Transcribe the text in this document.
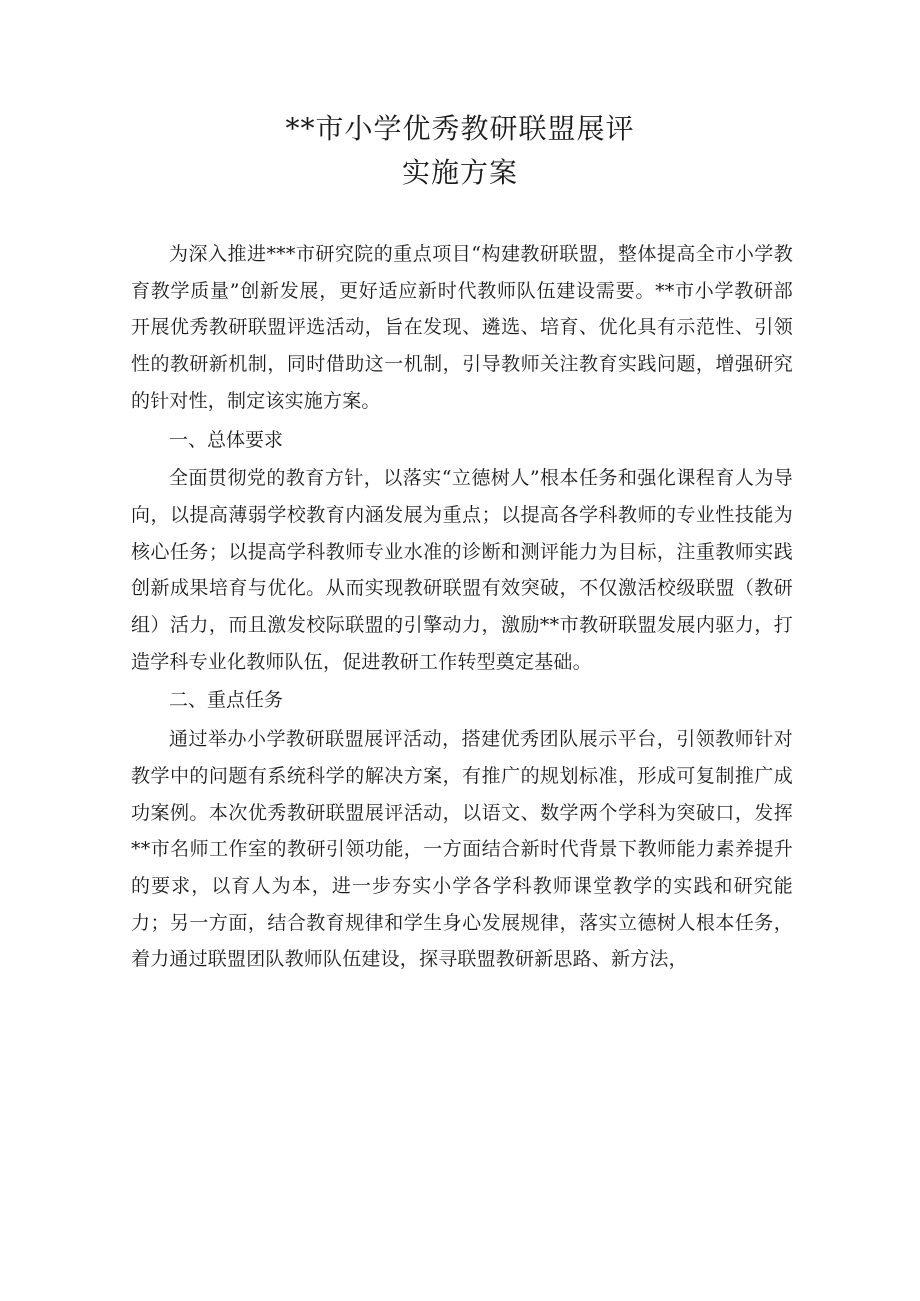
**市小学优秀教研联盟展评
实施方案

为深入推进***市研究院的重点项目“构建教研联盟，整体提高全市小学教育教学质量”创新发展，更好适应新时代教师队伍建设需要。**市小学教研部开展优秀教研联盟评选活动，旨在发现、遴选、培育、优化具有示范性、引领性的教研新机制，同时借助这一机制，引导教师关注教育实践问题，增强研究的针对性，制定该实施方案。

一、总体要求

全面贯彻党的教育方针，以落实“立德树人”根本任务和强化课程育人为导向，以提高薄弱学校教育内涵发展为重点；以提高各学科教师的专业性技能为核心任务；以提高学科教师专业水准的诊断和测评能力为目标，注重教师实践创新成果培育与优化。从而实现教研联盟有效突破，不仅激活校级联盟（教研组）活力，而且激发校际联盟的引擎动力，激励**市教研联盟发展内驱力，打造学科专业化教师队伍，促进教研工作转型奠定基础。

二、重点任务

通过举办小学教研联盟展评活动，搭建优秀团队展示平台，引领教师针对教学中的问题有系统科学的解决方案，有推广的规划标准，形成可复制推广成功案例。本次优秀教研联盟展评活动，以语文、数学两个学科为突破口，发挥**市名师工作室的教研引领功能，一方面结合新时代背景下教师能力素养提升的要求，以育人为本，进一步夯实小学各学科教师课堂教学的实践和研究能力；另一方面，结合教育规律和学生身心发展规律，落实立德树人根本任务，着力通过联盟团队教师队伍建设，探寻联盟教研新思路、新方法，
